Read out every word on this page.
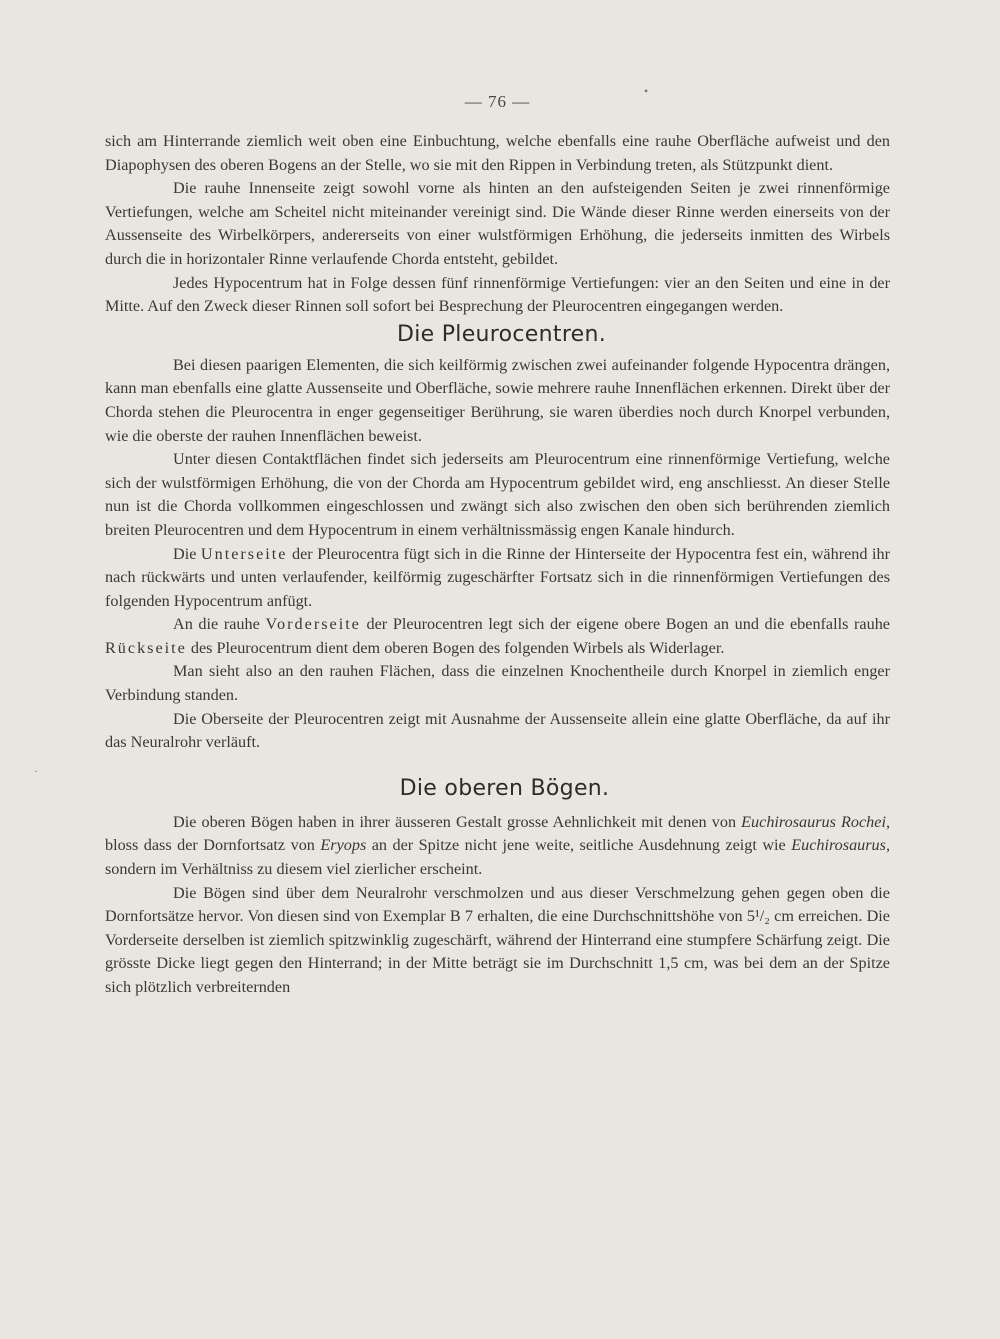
— 76 —

sich am Hinterrande ziemlich weit oben eine Einbuchtung, welche ebenfalls eine rauhe Oberfläche aufweist und den Diapophysen des oberen Bogens an der Stelle, wo sie mit den Rippen in Verbindung treten, als Stützpunkt dient.

Die rauhe Innenseite zeigt sowohl vorne als hinten an den aufsteigenden Seiten je zwei rinnenförmige Vertiefungen, welche am Scheitel nicht miteinander vereinigt sind. Die Wände dieser Rinne werden einerseits von der Aussenseite des Wirbelkörpers, andererseits von einer wulstförmigen Erhöhung, die jederseits inmitten des Wirbels durch die in horizontaler Rinne verlaufende Chorda entsteht, gebildet.

Jedes Hypocentrum hat in Folge dessen fünf rinnenförmige Vertiefungen: vier an den Seiten und eine in der Mitte. Auf den Zweck dieser Rinnen soll sofort bei Besprechung der Pleurocentren eingegangen werden.

Die Pleurocentren.

Bei diesen paarigen Elementen, die sich keilförmig zwischen zwei aufeinander folgende Hypocentra drängen, kann man ebenfalls eine glatte Aussenseite und Oberfläche, sowie mehrere rauhe Innenflächen erkennen. Direkt über der Chorda stehen die Pleurocentra in enger gegenseitiger Berührung, sie waren überdies noch durch Knorpel verbunden, wie die oberste der rauhen Innenflächen beweist.

Unter diesen Contaktflächen findet sich jederseits am Pleurocentrum eine rinnenförmige Vertiefung, welche sich der wulstförmigen Erhöhung, die von der Chorda am Hypocentrum gebildet wird, eng anschliesst. An dieser Stelle nun ist die Chorda vollkommen eingeschlossen und zwängt sich also zwischen den oben sich berührenden ziemlich breiten Pleurocentren und dem Hypocentrum in einem verhältnissmässig engen Kanale hindurch.

Die Unterseite der Pleurocentra fügt sich in die Rinne der Hinterseite der Hypocentra fest ein, während ihr nach rückwärts und unten verlaufender, keilförmig zugeschärfter Fortsatz sich in die rinnenförmigen Vertiefungen des folgenden Hypocentrum anfügt.

An die rauhe Vorderseite der Pleurocentren legt sich der eigene obere Bogen an und die ebenfalls rauhe Rückseite des Pleurocentrum dient dem oberen Bogen des folgenden Wirbels als Widerlager.

Man sieht also an den rauhen Flächen, dass die einzelnen Knochentheile durch Knorpel in ziemlich enger Verbindung standen.

Die Oberseite der Pleurocentren zeigt mit Ausnahme der Aussenseite allein eine glatte Oberfläche, da auf ihr das Neuralrohr verläuft.

Die oberen Bögen.

Die oberen Bögen haben in ihrer äusseren Gestalt grosse Aehnlichkeit mit denen von Euchirosaurus Rochei, bloss dass der Dornfortsatz von Eryops an der Spitze nicht jene weite, seitliche Ausdehnung zeigt wie Euchirosaurus, sondern im Verhältniss zu diesem viel zierlicher erscheint.

Die Bögen sind über dem Neuralrohr verschmolzen und aus dieser Verschmelzung gehen gegen oben die Dornfortsätze hervor. Von diesen sind von Exemplar B 7 erhalten, die eine Durchschnittshöhe von 5¹/₂ cm erreichen. Die Vorderseite derselben ist ziemlich spitzwinklig zugeschärft, während der Hinterrand eine stumpfere Schärfung zeigt. Die grösste Dicke liegt gegen den Hinterrand; in der Mitte beträgt sie im Durchschnitt 1,5 cm, was bei dem an der Spitze sich plötzlich verbreiternden

•
·
